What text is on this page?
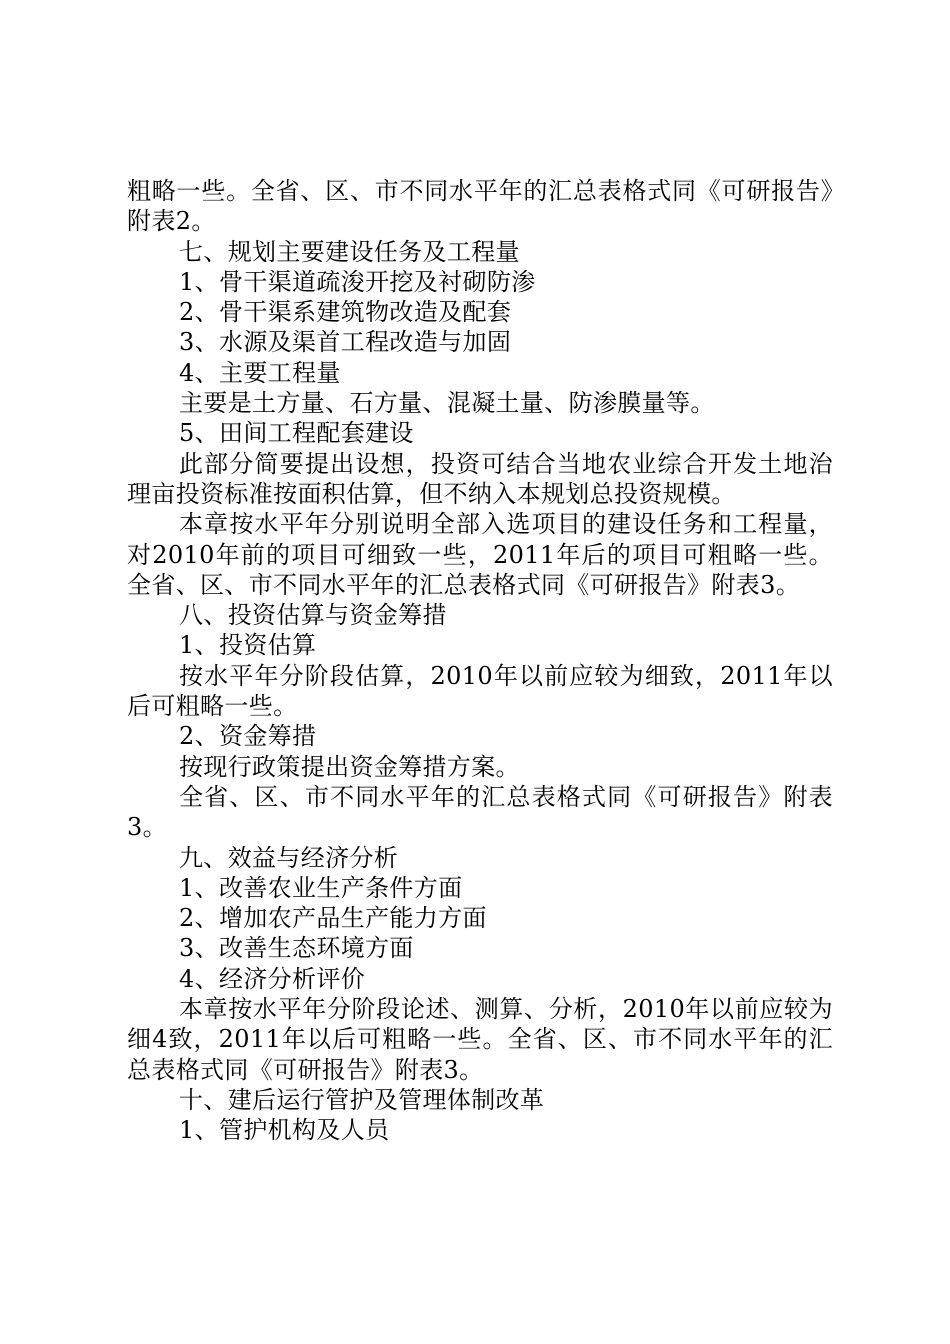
粗略一些。全省、区、市不同水平年的汇总表格式同《可研报告》附表2。

七、规划主要建设任务及工程量

1、骨干渠道疏浚开挖及衬砌防渗

2、骨干渠系建筑物改造及配套

3、水源及渠首工程改造与加固

4、主要工程量

主要是土方量、石方量、混凝土量、防渗膜量等。

5、田间工程配套建设

此部分简要提出设想，投资可结合当地农业综合开发土地治理亩投资标准按面积估算，但不纳入本规划总投资规模。

本章按水平年分别说明全部入选项目的建设任务和工程量，对2010年前的项目可细致一些，2011年后的项目可粗略一些。全省、区、市不同水平年的汇总表格式同《可研报告》附表3。

八、投资估算与资金筹措

1、投资估算

按水平年分阶段估算，2010年以前应较为细致，2011年以后可粗略一些。

2、资金筹措

按现行政策提出资金筹措方案。

全省、区、市不同水平年的汇总表格式同《可研报告》附表3。

九、效益与经济分析

1、改善农业生产条件方面

2、增加农产品生产能力方面

3、改善生态环境方面

4、经济分析评价

本章按水平年分阶段论述、测算、分析，2010年以前应较为细4致，2011年以后可粗略一些。全省、区、市不同水平年的汇总表格式同《可研报告》附表3。

十、建后运行管护及管理体制改革

1、管护机构及人员
